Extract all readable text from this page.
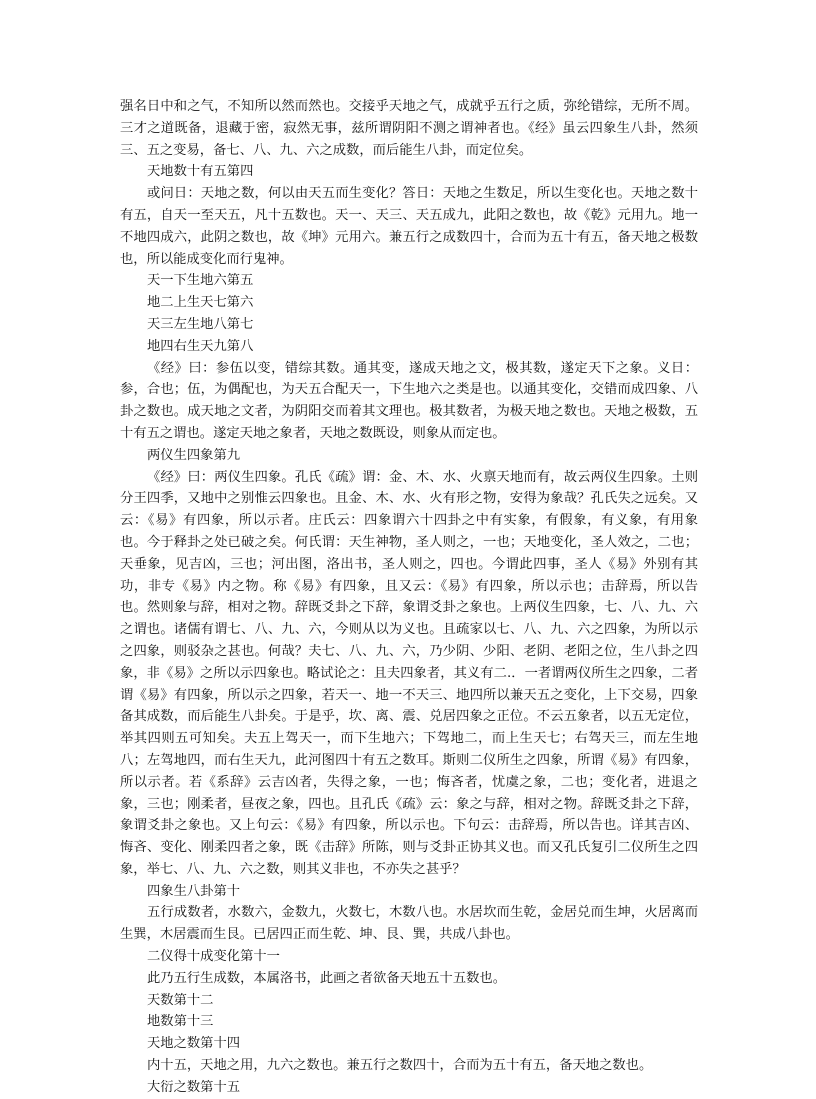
强名日中和之气，不知所以然而然也。交接乎天地之气，成就乎五行之质，弥纶错综，无所不周。三才之道既备，退藏于密，寂然无事，兹所谓阴阳不测之谓神者也。《经》虽云四象生八卦，然须三、五之变易，备七、八、九、六之成数，而后能生八卦，而定位矣。

天地数十有五第四

或问日：天地之数，何以由天五而生变化？答日：天地之生数足，所以生变化也。天地之数十有五，自天一至天五，凡十五数也。天一、天三、天五成九，此阳之数也，故《乾》元用九。地一不地四成六，此阴之数也，故《坤》元用六。兼五行之成数四十，合而为五十有五，备天地之极数也，所以能成变化而行鬼神。

天一下生地六第五

地二上生天七第六

天三左生地八第七

地四右生天九第八

《经》曰：参伍以变，错综其数。通其变，遂成天地之文，极其数，遂定天下之象。义日：参，合也；伍，为偶配也，为天五合配天一，下生地六之类是也。以通其变化，交错而成四象、八卦之数也。成天地之文者，为阴阳交而着其文理也。极其数者，为极天地之数也。天地之极数，五十有五之谓也。遂定天地之象者，天地之数既设，则象从而定也。

两仪生四象第九

《经》曰：两仪生四象。孔氏《疏》谓：金、木、水、火禀天地而有，故云两仪生四象。土则分王四季，又地中之别惟云四象也。且金、木、水、火有形之物，安得为象哉？孔氏失之远矣。又云：《易》有四象，所以示者。庄氏云：四象谓六十四卦之中有实象，有假象，有义象，有用象也。今于释卦之处已破之矣。何氏谓：天生神物，圣人则之，一也；天地变化，圣人效之，二也；天垂象，见吉凶，三也；河出图，洛出书，圣人则之，四也。今谓此四事，圣人《易》外别有其功，非专《易》内之物。称《易》有四象，且又云：《易》有四象，所以示也；击辞焉，所以告也。然则象与辞，相对之物。辞既爻卦之下辞，象谓爻卦之象也。上两仪生四象，七、八、九、六之谓也。诸儒有谓七、八、九、六，今则从以为义也。且疏家以七、八、九、六之四象，为所以示之四象，则驳杂之甚也。何哉？夫七、八、九、六，乃少阴、少阳、老阴、老阳之位，生八卦之四象，非《易》之所以示四象也。略试论之：且夫四象者，其义有二.．一者谓两仪所生之四象，二者谓《易》有四象，所以示之四象，若天一、地一不天三、地四所以兼天五之变化，上下交易，四象备其成数，而后能生八卦矣。于是乎，坎、离、震、兑居四象之正位。不云五象者，以五无定位，举其四则五可知矣。夫五上驾天一，而下生地六；下驾地二，而上生天七；右驾天三，而左生地八；左驾地四，而右生天九，此河图四十有五之数耳。斯则二仪所生之四象，所谓《易》有四象，所以示者。若《系辞》云吉凶者，失得之象，一也；悔吝者，忧虞之象，二也；变化者，进退之象，三也；刚柔者，昼夜之象，四也。且孔氏《疏》云：象之与辞，相对之物。辞既爻卦之下辞，象谓爻卦之象也。又上句云：《易》有四象，所以示也。下句云：击辞焉，所以告也。详其吉凶、悔吝、变化、刚柔四者之象，既《击辞》所陈，则与爻卦正协其义也。而又孔氏复引二仪所生之四象，举七、八、九、六之数，则其义非也，不亦失之甚乎？

四象生八卦第十

五行成数者，水数六，金数九，火数七，木数八也。水居坎而生乾，金居兑而生坤，火居离而生巽，木居震而生艮。已居四正而生乾、坤、艮、巽，共成八卦也。

二仪得十成变化第十一

此乃五行生成数，本属洛书，此画之者欲备天地五十五数也。

天数第十二

地数第十三

天地之数第十四

内十五，天地之用，九六之数也。兼五行之数四十，合而为五十有五，备天地之数也。

大衍之数第十五
